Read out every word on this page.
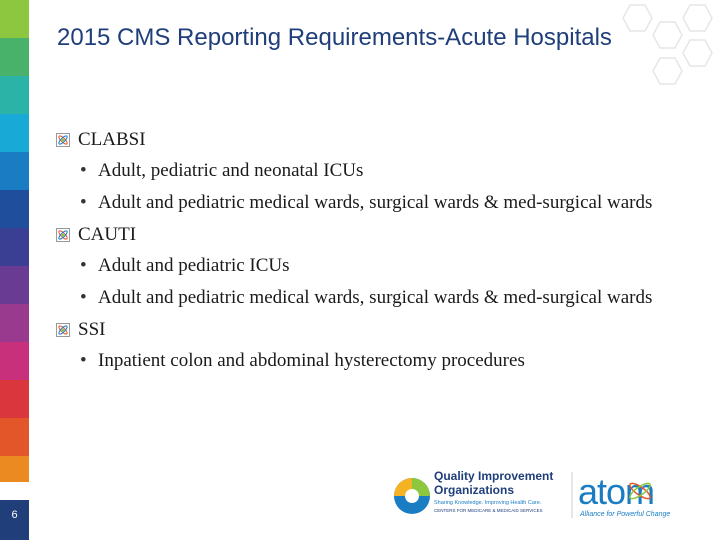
6
2015 CMS Reporting Requirements-Acute Hospitals
CLABSI
• Adult, pediatric and neonatal ICUs
• Adult and pediatric medical wards, surgical wards & med-surgical wards
CAUTI
• Adult and pediatric ICUs
• Adult and pediatric medical wards, surgical wards & med-surgical wards
SSI
• Inpatient colon and abdominal hysterectomy procedures
Quality Improvement
Organizations
Sharing Knowledge. Improving Health Care.
CENTERS FOR MEDICARE & MEDICAID SERVICES atom
Alliance for Powerful Change
